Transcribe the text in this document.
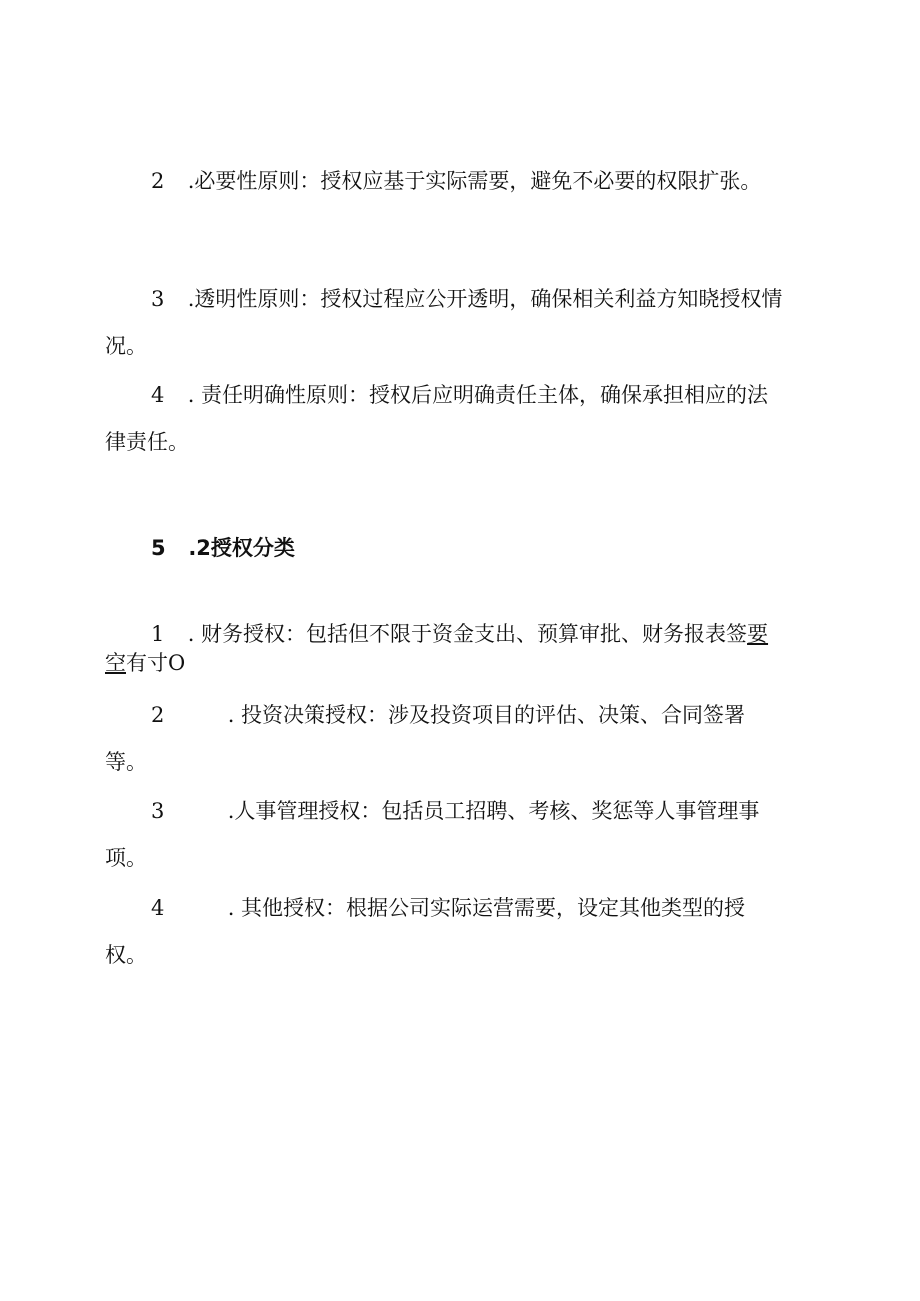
2 .必要性原则：授权应基于实际需要，避免不必要的权限扩张。

3 .透明性原则：授权过程应公开透明，确保相关利益方知晓授权情
况。

4 . 责任明确性原则：授权后应明确责任主体，确保承担相应的法
律责任。

5 .2授权分类

1 . 财务授权：包括但不限于资金支出、预算审批、财务报表签要
空有寸O

2	. 投资决策授权：涉及投资项目的评估、决策、合同签署
等。

3	.人事管理授权：包括员工招聘、考核、奖惩等人事管理事
项。

4	. 其他授权：根据公司实际运营需要，设定其他类型的授
权。
